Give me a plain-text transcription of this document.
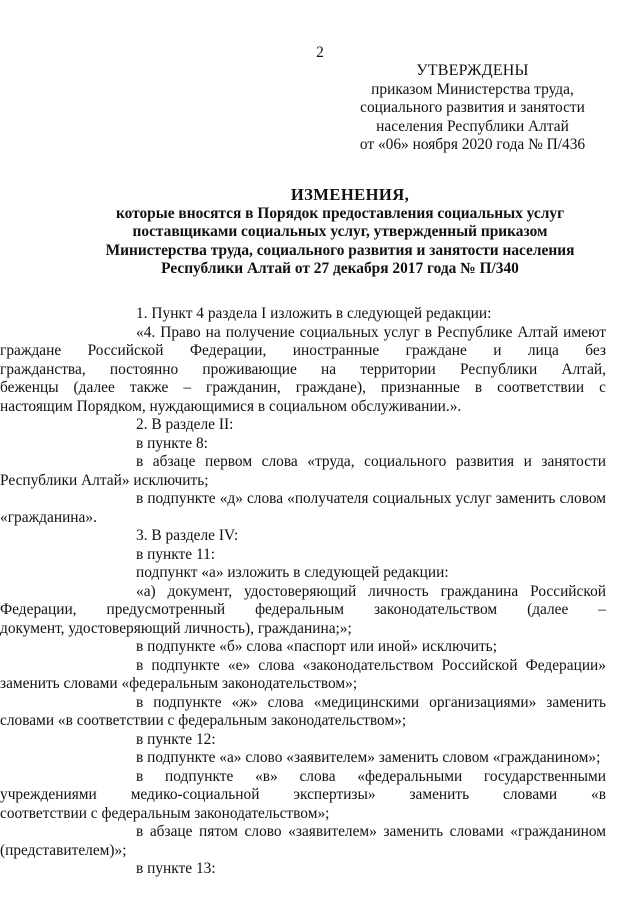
2
УТВЕРЖДЕНЫ
приказом Министерства труда,
социального развития и занятости
населения Республики Алтай
от «06» ноября 2020 года № П/436
ИЗМЕНЕНИЯ,
которые вносятся в Порядок предоставления социальных услуг
поставщиками социальных услуг, утвержденный приказом
Министерства труда, социального развития и занятости населения
Республики Алтай от 27 декабря 2017 года № П/340
1. Пункт 4 раздела I изложить в следующей редакции:
«4. Право на получение социальных услуг в Республике Алтай имеют
граждане Российской Федерации, иностранные граждане и лица без
гражданства, постоянно проживающие на территории Республики Алтай,
беженцы (далее также – гражданин, граждане), признанные в соответствии с
настоящим Порядком, нуждающимися в социальном обслуживании.».
2. В разделе II:
в пункте 8:
в абзаце первом слова «труда, социального развития и занятости
Республики Алтай» исключить;
в подпункте «д» слова «получателя социальных услуг заменить словом
«гражданина».
3. В разделе IV:
в пункте 11:
подпункт «а» изложить в следующей редакции:
«а) документ, удостоверяющий личность гражданина Российской
Федерации, предусмотренный федеральным законодательством (далее –
документ, удостоверяющий личность), гражданина;»;
в подпункте «б» слова «паспорт или иной» исключить;
в подпункте «е» слова «законодательством Российской Федерации»
заменить словами «федеральным законодательством»;
в подпункте «ж» слова «медицинскими организациями» заменить
словами «в соответствии с федеральным законодательством»;
в пункте 12:
в подпункте «а» слово «заявителем» заменить словом «гражданином»;
в подпункте «в» слова «федеральными государственными
учреждениями медико-социальной экспертизы» заменить словами «в
соответствии с федеральным законодательством»;
в абзаце пятом слово «заявителем» заменить словами «гражданином
(представителем)»;
в пункте 13:
